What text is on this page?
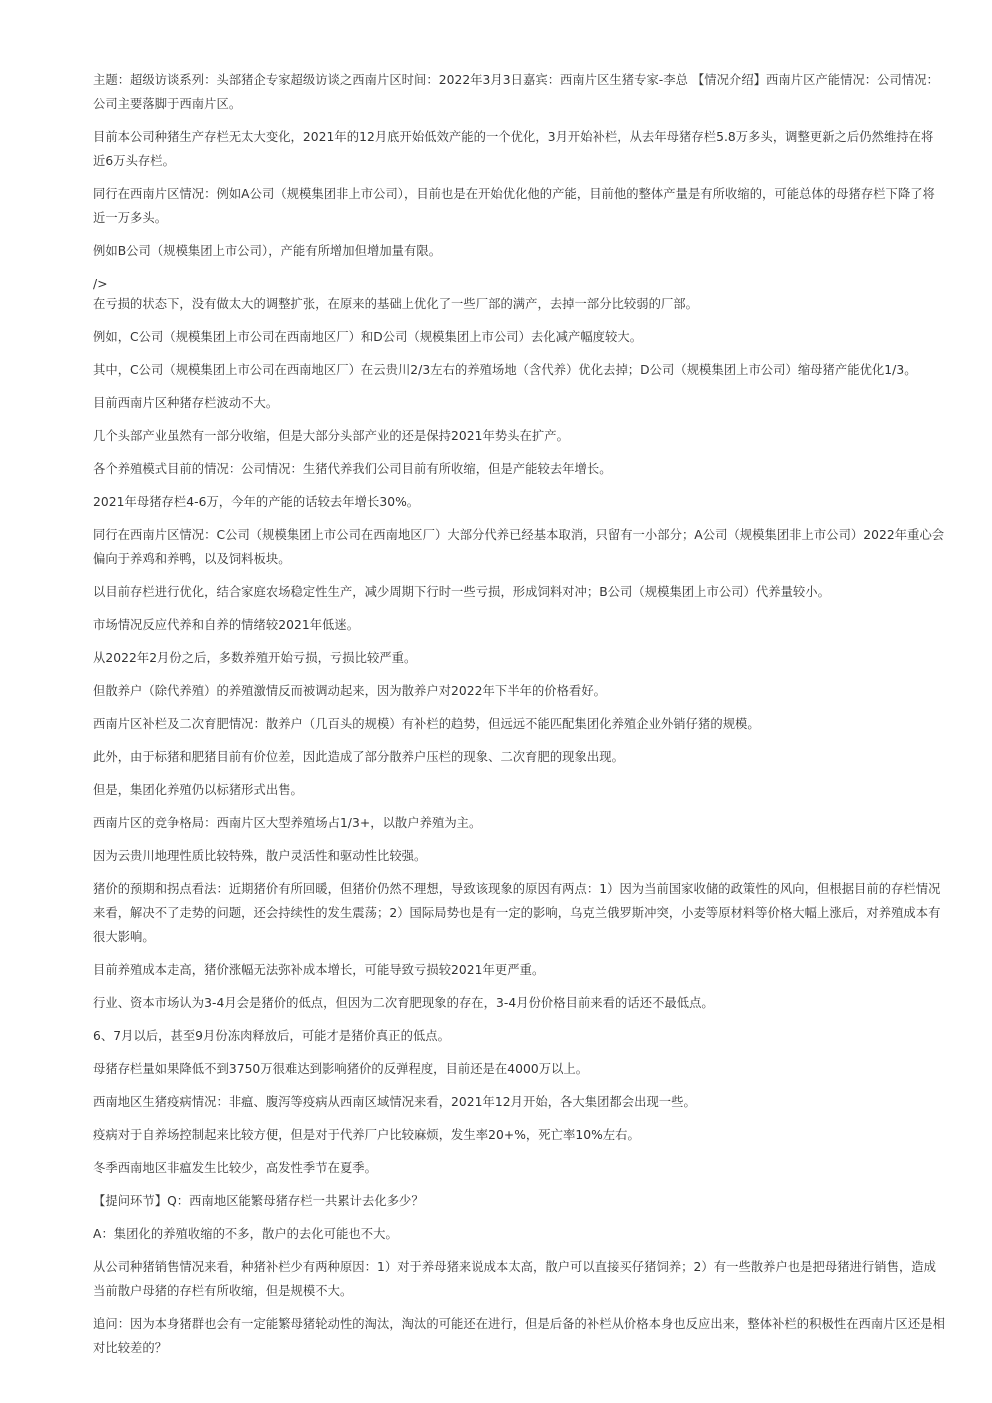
主题：超级访谈系列：头部猪企专家超级访谈之西南片区时间：2022年3月3日嘉宾：西南片区生猪专家-李总 【情况介绍】西南片区产能情况：公司情况：公司主要落脚于西南片区。

目前本公司种猪生产存栏无太大变化，2021年的12月底开始低效产能的一个优化，3月开始补栏，从去年母猪存栏5.8万多头，调整更新之后仍然维持在将近6万头存栏。

同行在西南片区情况：例如A公司（规模集团非上市公司），目前也是在开始优化他的产能，目前他的整体产量是有所收缩的，可能总体的母猪存栏下降了将近一万多头。

例如B公司（规模集团上市公司），产能有所增加但增加量有限。

/>

在亏损的状态下，没有做太大的调整扩张，在原来的基础上优化了一些厂部的满产，去掉一部分比较弱的厂部。

例如，C公司（规模集团上市公司在西南地区厂）和D公司（规模集团上市公司）去化减产幅度较大。

其中，C公司（规模集团上市公司在西南地区厂）在云贵川2/3左右的养殖场地（含代养）优化去掉；D公司（规模集团上市公司）缩母猪产能优化1/3。

目前西南片区种猪存栏波动不大。

几个头部产业虽然有一部分收缩，但是大部分头部产业的还是保持2021年势头在扩产。

各个养殖模式目前的情况：公司情况：生猪代养我们公司目前有所收缩，但是产能较去年增长。

2021年母猪存栏4-6万，今年的产能的话较去年增长30%。

同行在西南片区情况：C公司（规模集团上市公司在西南地区厂）大部分代养已经基本取消，只留有一小部分；A公司（规模集团非上市公司）2022年重心会偏向于养鸡和养鸭，以及饲料板块。

以目前存栏进行优化，结合家庭农场稳定性生产，减少周期下行时一些亏损，形成饲料对冲；B公司（规模集团上市公司）代养量较小。

市场情况反应代养和自养的情绪较2021年低迷。

从2022年2月份之后，多数养殖开始亏损，亏损比较严重。

但散养户（除代养殖）的养殖激情反而被调动起来，因为散养户对2022年下半年的价格看好。

西南片区补栏及二次育肥情况：散养户（几百头的规模）有补栏的趋势，但远远不能匹配集团化养殖企业外销仔猪的规模。

此外，由于标猪和肥猪目前有价位差，因此造成了部分散养户压栏的现象、二次育肥的现象出现。

但是，集团化养殖仍以标猪形式出售。

西南片区的竞争格局：西南片区大型养殖场占1/3+，以散户养殖为主。

因为云贵川地理性质比较特殊，散户灵活性和驱动性比较强。

猪价的预期和拐点看法：近期猪价有所回暖，但猪价仍然不理想，导致该现象的原因有两点：1）因为当前国家收储的政策性的风向，但根据目前的存栏情况来看，解决不了走势的问题，还会持续性的发生震荡；2）国际局势也是有一定的影响，乌克兰俄罗斯冲突，小麦等原材料等价格大幅上涨后，对养殖成本有很大影响。

目前养殖成本走高，猪价涨幅无法弥补成本增长，可能导致亏损较2021年更严重。

行业、资本市场认为3-4月会是猪价的低点，但因为二次育肥现象的存在，3-4月份价格目前来看的话还不最低点。

6、7月以后，甚至9月份冻肉释放后，可能才是猪价真正的低点。

母猪存栏量如果降低不到3750万很难达到影响猪价的反弹程度，目前还是在4000万以上。

西南地区生猪疫病情况：非瘟、腹泻等疫病从西南区域情况来看，2021年12月开始，各大集团都会出现一些。

疫病对于自养场控制起来比较方便，但是对于代养厂户比较麻烦，发生率20+%，死亡率10%左右。

冬季西南地区非瘟发生比较少，高发性季节在夏季。

【提问环节】Q：西南地区能繁母猪存栏一共累计去化多少？

A：集团化的养殖收缩的不多，散户的去化可能也不大。

从公司种猪销售情况来看，种猪补栏少有两种原因：1）对于养母猪来说成本太高，散户可以直接买仔猪饲养；2）有一些散养户也是把母猪进行销售，造成当前散户母猪的存栏有所收缩，但是规模不大。

追问：因为本身猪群也会有一定能繁母猪轮动性的淘汰，淘汰的可能还在进行，但是后备的补栏从价格本身也反应出来，整体补栏的积极性在西南片区还是相对比较差的？
